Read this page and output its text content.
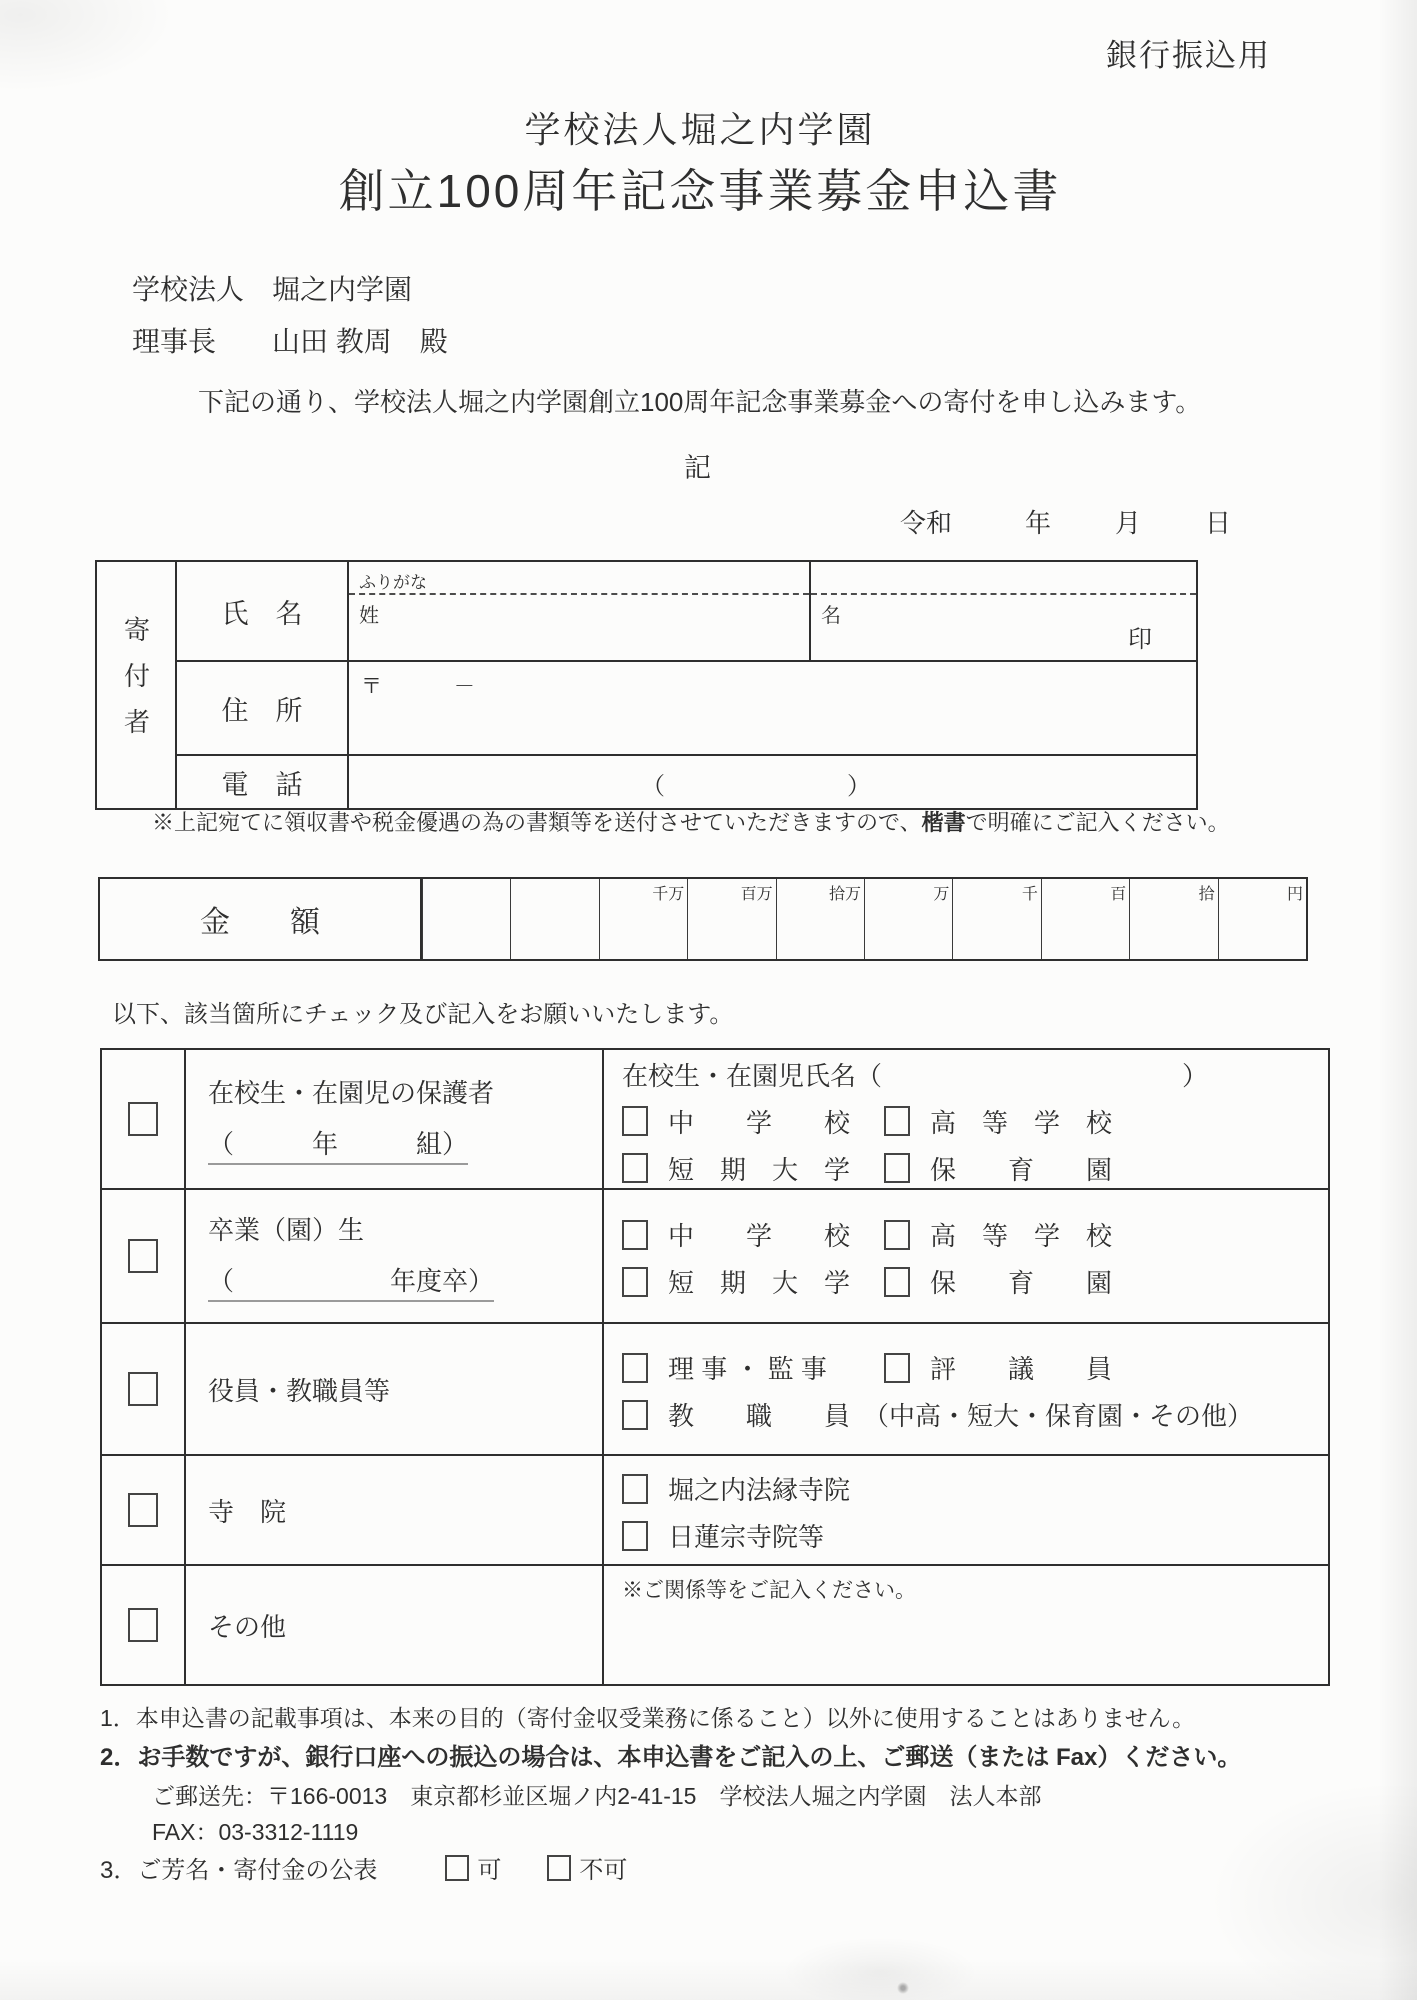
銀行振込用
学校法人堀之内学園
創立100周年記念事業募金申込書
学校法人　堀之内学園
理事長　　山田 教周　殿
下記の通り、学校法人堀之内学園創立100周年記念事業募金への寄付を申し込みます。
記
令和	年	月	日
寄付者
氏　名
ふりがな
姓	名
印
住　所
〒	－
電　話	（	）
※上記宛てに領収書や税金優遇の為の書類等を送付させていただきますので、楷書で明確にご記入ください。
金　　額
千万	百万	拾万	万	千	百	拾	円
以下、該当箇所にチェック及び記入をお願いいたします。
在校生・在園児の保護者
（　　　年　　　組）
在校生・在園児氏名 （	）
中　　学　　校	高　等　学　校
短　期　大　学	保　　育　　園
卒業（園）生
（　　　　　　年度卒）
中　　学　　校	高　等　学　校
短　期　大　学	保　　育　　園
役員・教職員等
理 事 ・ 監 事	評　　議　　員
教　　職　　員　（中高・短大・保育園・その他）
寺　院
堀之内法縁寺院
日蓮宗寺院等
その他
※ご関係等をご記入ください。
1．本申込書の記載事項は、本来の目的（寄付金収受業務に係ること）以外に使用することはありません。
2．お手数ですが、銀行口座への振込の場合は、本申込書をご記入の上、ご郵送（または Fax）ください。
ご郵送先：〒166-0013　東京都杉並区堀ノ内2-41-15　学校法人堀之内学園　法人本部
FAX：03-3312-1119
3． ご芳名・寄付金の公表	可	不可
